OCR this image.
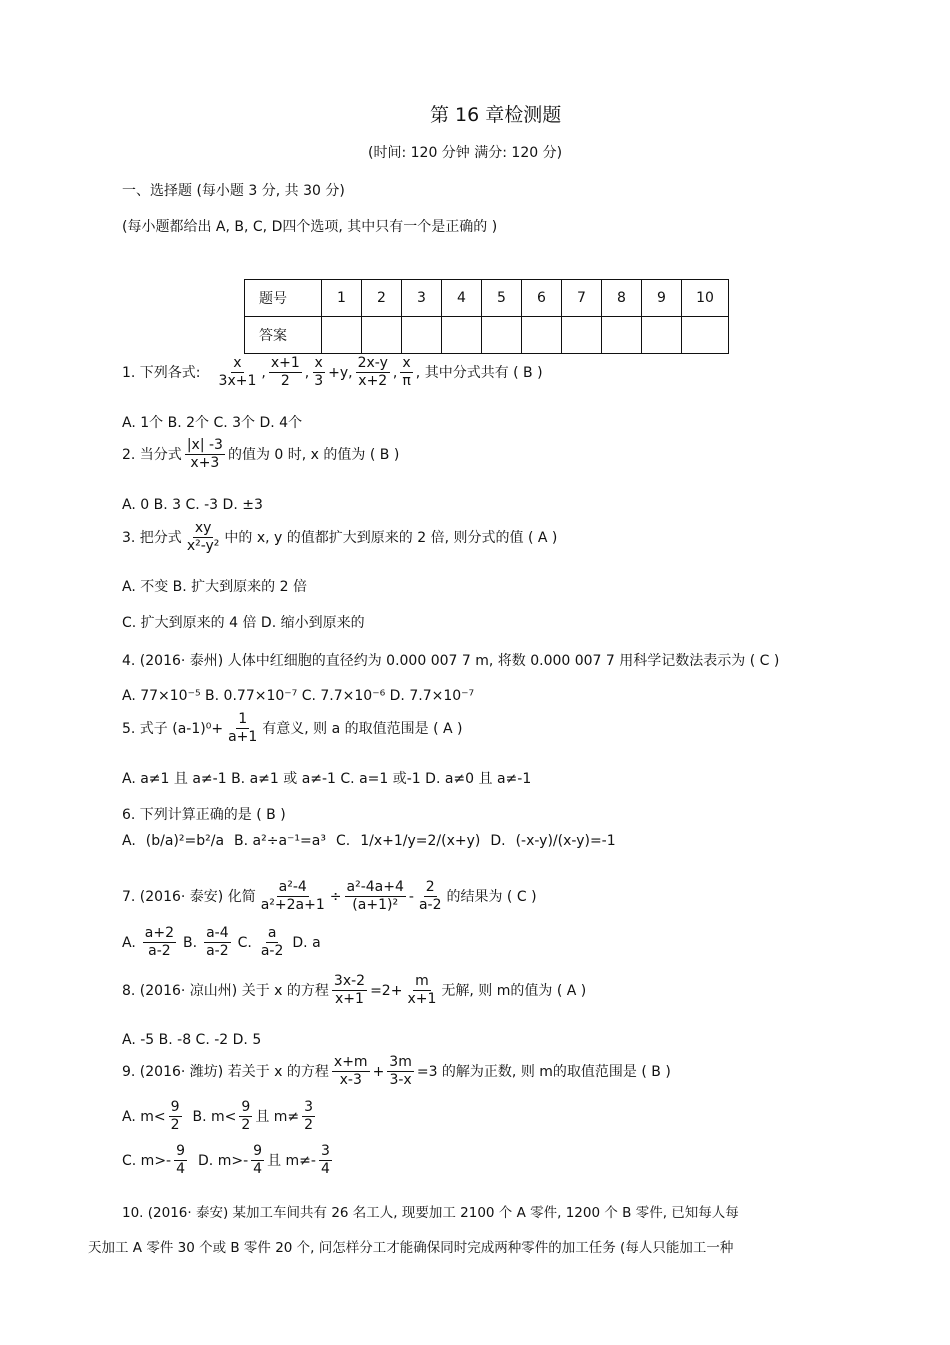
第 16 章检测题
(时间: 120 分钟 满分: 120 分)
一、选择题 (每小题 3 分, 共 30 分)
(每小题都给出 A, B, C, D四个选项, 其中只有一个是正确的 )
题号	1	2	3	4	5	6	7	8	9	10
答案										
1. 下列各式: $\frac{x}{3x+1}$ , $\frac{x+1}{2}$ , $\frac{x}{3} +y$, $\frac{2x-y}{x+2}$ , $\frac{x}{\pi}$ , 其中分式共有 ( B )
A. 1个 B. 2个 C. 3个 D. 4个
2. 当分式 $\frac{|x| -3}{x+3}$ 的值为 0 时, x 的值为 ( B )
A. 0 B. 3 C. -3 D. ±3
3. 把分式 $\frac{xy}{\text{x²-y²}}$ 中的 x, y 的值都扩大到原来的 2 倍, 则分式的值 ( A )
A. 不变 B. 扩大到原来的 2 倍
C. 扩大到原来的 4 倍 D. 缩小到原来的
4. (2016· 泰州) 人体中红细胞的直径约为 0.000 007 7 m, 将数 0.000 007 7 用科学记数法表示为 ( C )
A. 77×10⁻⁵ B. 0.77×10⁻⁷ C. 7.7×10⁻⁶ D. 7.7×10⁻⁷
5. 式子 $(a-1)^0+ \frac{1}{a+1}$ 有意义, 则 a 的取值范围是 ( A )
A. a≠1 且 a≠-1 B. a≠1 或 a≠-1 C. a=1 或-1 D. a≠0 且 a≠-1
6. 下列计算正确的是 ( B )
A. (b/a)²=b²/a B. a²÷a⁻¹=a³ C. 1/x+1/y=2/(x+y) D. (-x-y)/(x-y)=-1
7. (2016· 泰安) 化简 $\frac{\text{a²-4}}{\text{a²+2a+1}} \div \frac{\text{a²-4a+4}}{\text{(a+1)²}} - \frac{2}{a-2}$ 的结果为 ( C )
A. $\frac{a+2}{a-2} B$. $\frac{a-4}{a-2} C$. $\frac{a}{a-2} D$. a
8. (2016· 凉山州) 关于 x 的方程 $\frac{3x-2}{x+1} =2+ \frac{m}{x+1}$ 无解, 则 m的值为 ( A )
A. -5 B. -8 C. -2 D. 5
9. (2016· 潍坊) 若关于 x 的方程 $\frac{x+m}{x-3} + \frac{3m}{3-x} =3$ 的解为正数, 则 m的取值范围是 ( B )
A. $m< \frac{9}{2} B$. $m< \frac{9}{2}$ 且 $m\ne \frac{3}{2}$
C. $m>- \frac{9}{4} D$. $m>- \frac{9}{4}$ 且 $m\ne- \frac{3}{4}$
10. (2016· 泰安) 某加工车间共有 26 名工人, 现要加工 2100 个 A 零件, 1200 个 B 零件, 已知每人每
天加工 A 零件 30 个或 B 零件 20 个, 问怎样分工才能确保同时完成两种零件的加工任务 (每人只能加工一种
